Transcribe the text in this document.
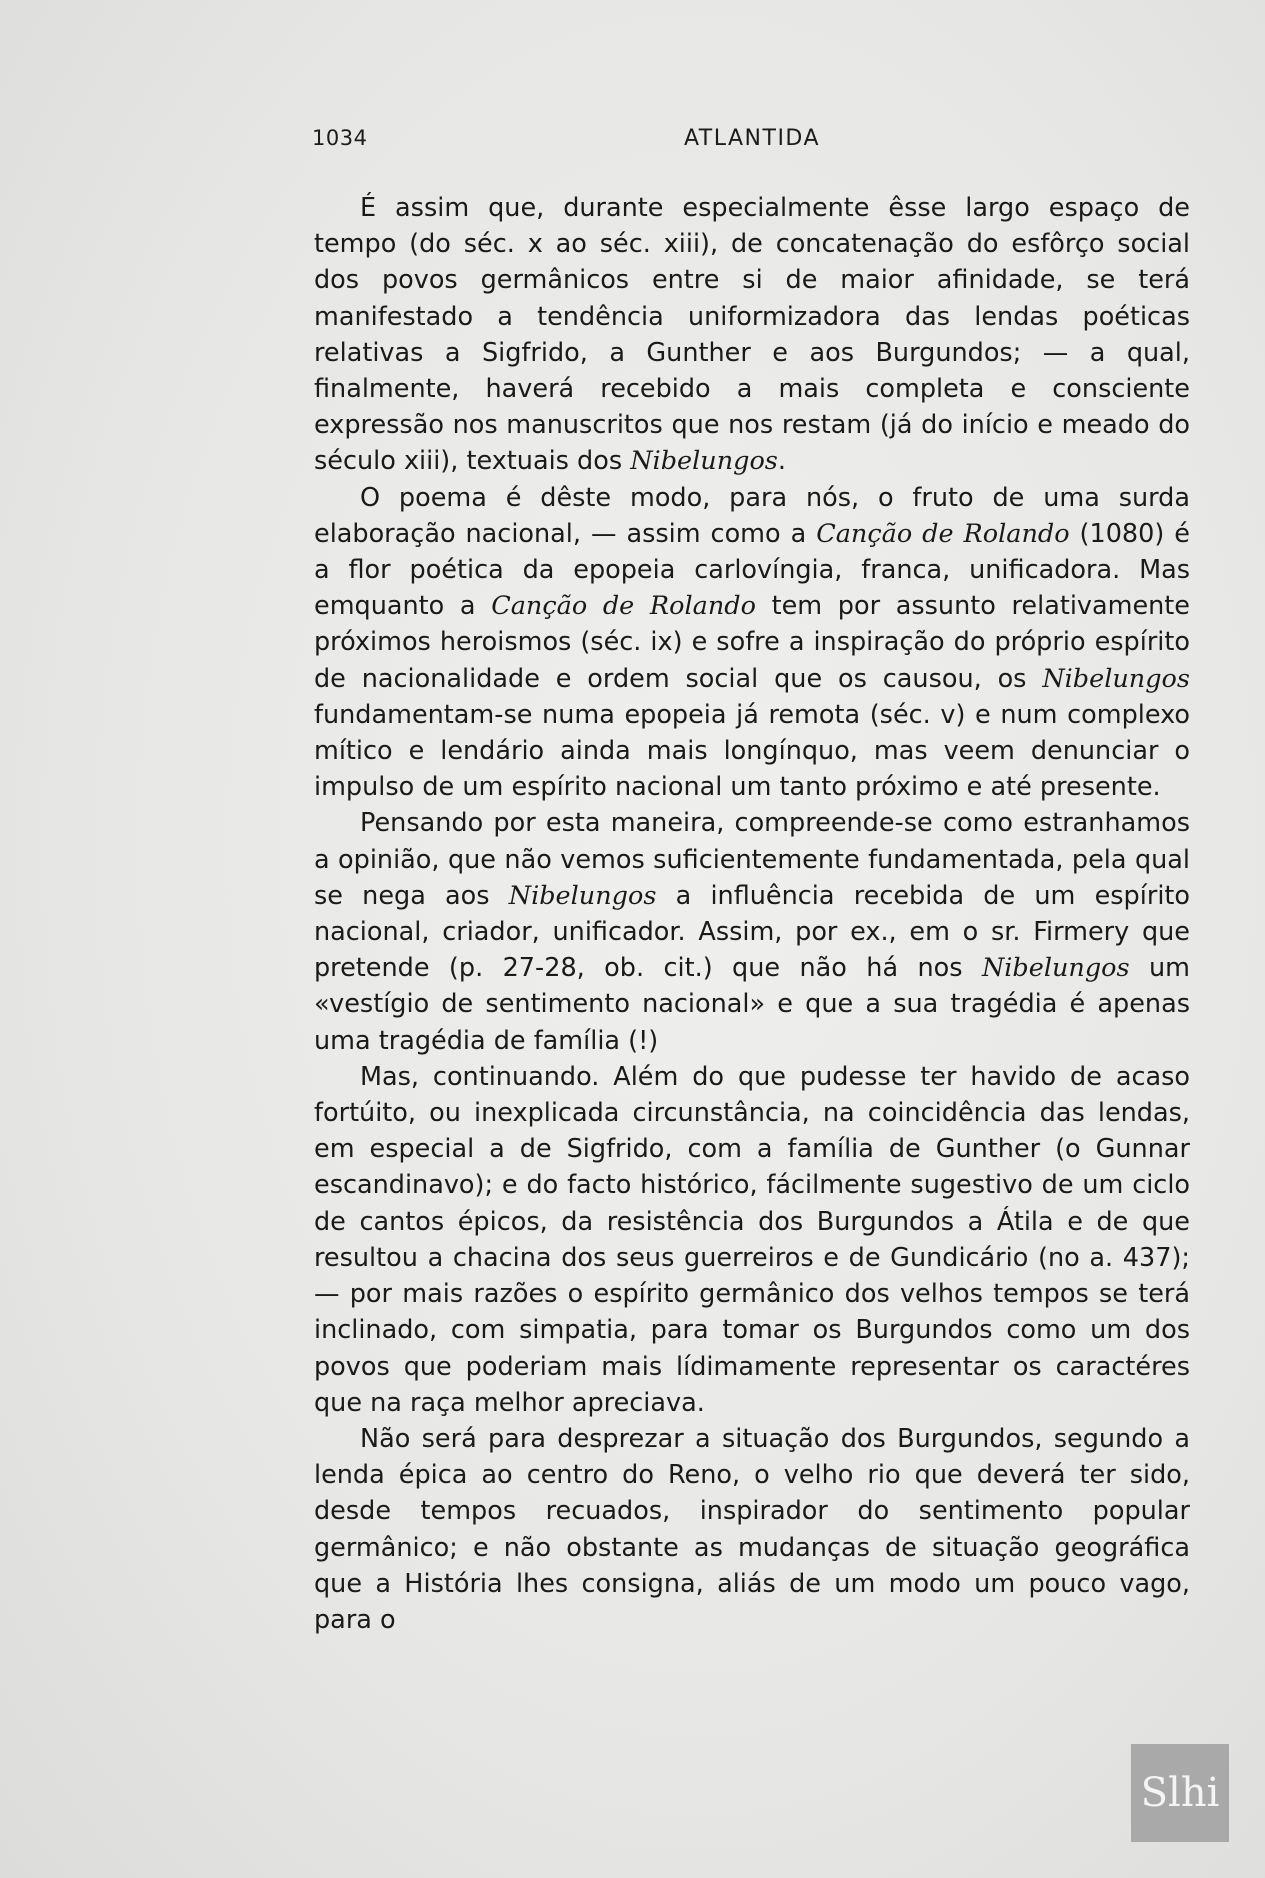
1034	ATLANTIDA

É assim que, durante especialmente êsse largo espaço de tempo (do séc. x ao séc. xiii), de concatenação do esfôrço social dos povos germânicos entre si de maior afinidade, se terá manifestado a tendência uniformizadora das lendas poéticas relativas a Sigfrido, a Gunther e aos Burgundos; — a qual, finalmente, haverá recebido a mais completa e consciente expressão nos manuscritos que nos restam (já do início e meado do século xiii), textuais dos Nibelungos.

O poema é dêste modo, para nós, o fruto de uma surda elaboração nacional, — assim como a Canção de Rolando (1080) é a flor poética da epopeia carlovíngia, franca, unificadora. Mas emquanto a Canção de Rolando tem por assunto relativamente próximos heroismos (séc. ix) e sofre a inspiração do próprio espírito de nacionalidade e ordem social que os causou, os Nibelungos fundamentam-se numa epopeia já remota (séc. v) e num complexo mítico e lendário ainda mais longínquo, mas veem denunciar o impulso de um espírito nacional um tanto próximo e até presente.

Pensando por esta maneira, compreende-se como estranhamos a opinião, que não vemos suficientemente fundamentada, pela qual se nega aos Nibelungos a influência recebida de um espírito nacional, criador, unificador. Assim, por ex., em o sr. Firmery que pretende (p. 27-28, ob. cit.) que não há nos Nibelungos um «vestígio de sentimento nacional» e que a sua tragédia é apenas uma tragédia de família (!)

Mas, continuando. Além do que pudesse ter havido de acaso fortúito, ou inexplicada circunstância, na coincidência das lendas, em especial a de Sigfrido, com a família de Gunther (o Gunnar escandinavo); e do facto histórico, fácilmente sugestivo de um ciclo de cantos épicos, da resistência dos Burgundos a Átila e de que resultou a chacina dos seus guerreiros e de Gundicário (no a. 437); — por mais razões o espírito germânico dos velhos tempos se terá inclinado, com simpatia, para tomar os Burgundos como um dos povos que poderiam mais lídimamente representar os caractéres que na raça melhor apreciava.

Não será para desprezar a situação dos Burgundos, segundo a lenda épica ao centro do Reno, o velho rio que deverá ter sido, desde tempos recuados, inspirador do sentimento popular germânico; e não obstante as mudanças de situação geográfica que a História lhes consigna, aliás de um modo um pouco vago, para o

Slhi
